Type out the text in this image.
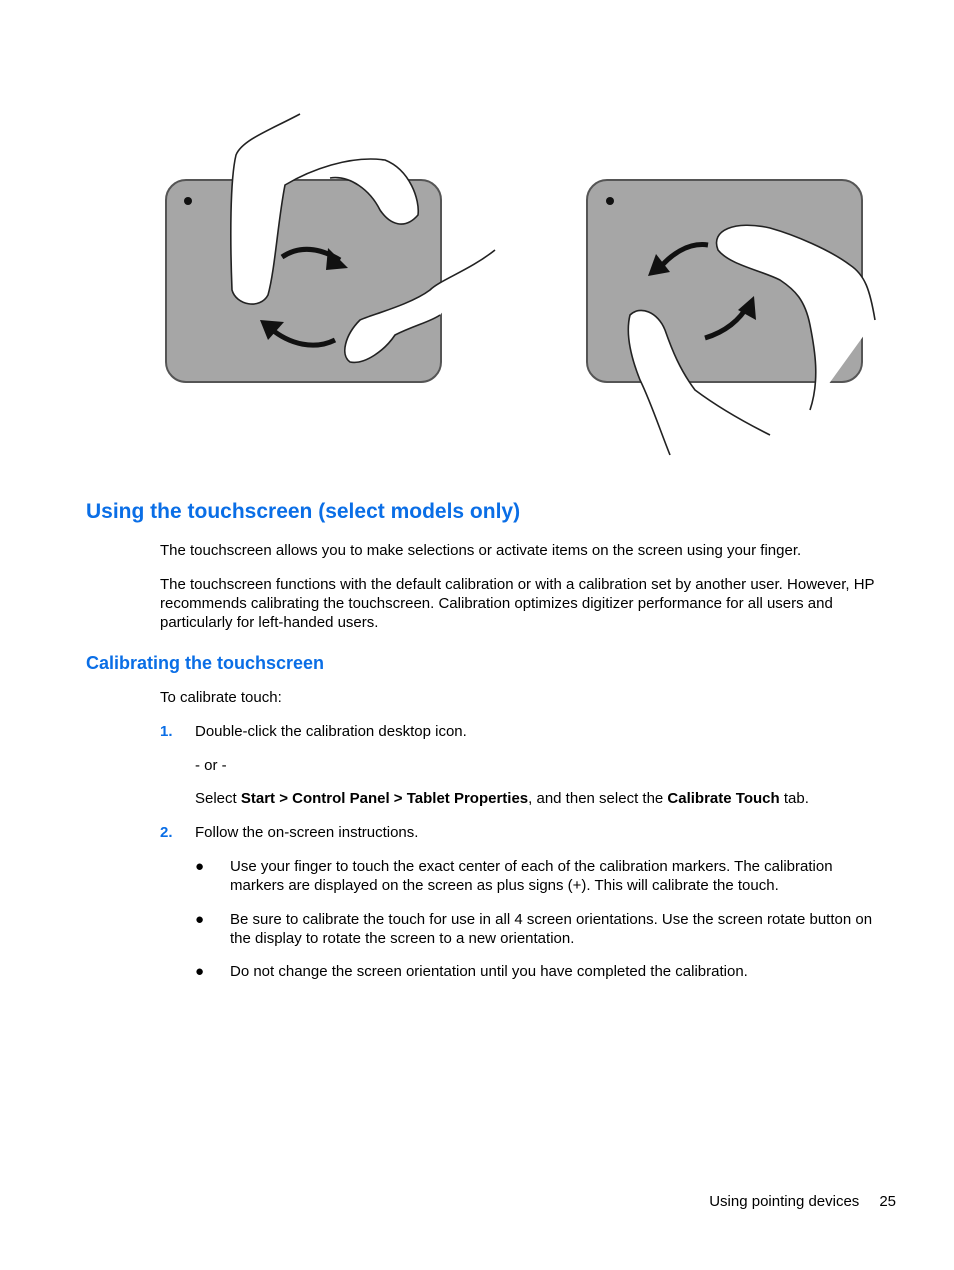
Using the touchscreen (select models only)

The touchscreen allows you to make selections or activate items on the screen using your finger.

The touchscreen functions with the default calibration or with a calibration set by another user. However, HP recommends calibrating the touchscreen. Calibration optimizes digitizer performance for all users and particularly for left-handed users.

Calibrating the touchscreen

To calibrate touch:

1. Double-click the calibration desktop icon.

- or -

Select Start > Control Panel > Tablet Properties, and then select the Calibrate Touch tab.

2. Follow the on-screen instructions.

● Use your finger to touch the exact center of each of the calibration markers. The calibration markers are displayed on the screen as plus signs (+). This will calibrate the touch.

● Be sure to calibrate the touch for use in all 4 screen orientations. Use the screen rotate button on the display to rotate the screen to a new orientation.

● Do not change the screen orientation until you have completed the calibration.

Using pointing devices 25
